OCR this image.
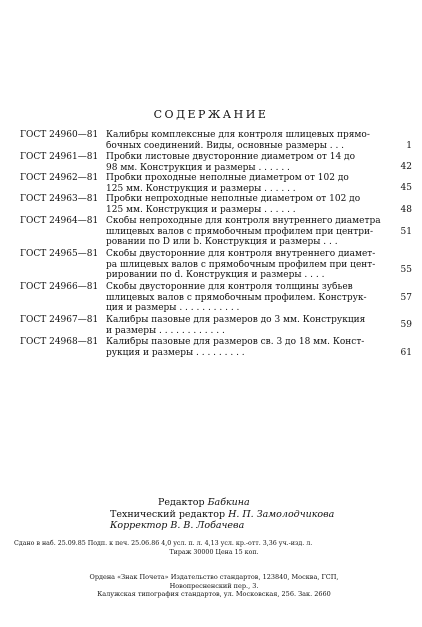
СОДЕРЖАНИЕ
ГОСТ 24960—81 Калибры комплексные для контроля шлицевых прямо-
бочных соединений. Виды, основные размеры . . .	1
ГОСТ 24961—81 Пробки листовые двусторонние диаметром от 14 до
98 мм. Конструкция и размеры . . . . . .	42
ГОСТ 24962—81 Пробки проходные неполные диаметром от 102 до
125 мм. Конструкция и размеры . . . . . .	45
ГОСТ 24963—81 Пробки непроходные неполные диаметром от 102 до
125 мм. Конструкция и размеры . . . . . .	48
ГОСТ 24964—81 Скобы непроходные для контроля внутреннего диаметра
шлицевых валов с прямобочным профилем при центри-
ровании по D или b. Конструкция и размеры . . .
51
ГОСТ 24965—81 Скобы двусторонние для контроля внутреннего диамет-
ра шлицевых валов с прямобочным профилем при цент-
рировании по d. Конструкция и размеры . . . .
55
ГОСТ 24966—81 Скобы двусторонние для контроля толщины зубьев
шлицевых валов с прямобочным профилем. Конструк-
ция и размеры . . . . . . . . . . .
57
ГОСТ 24967—81 Калибры пазовые для размеров до 3 мм. Конструкция
и размеры . . . . . . . . . . . .
59
ГОСТ 24968—81 Калибры пазовые для размеров св. 3 до 18 мм. Конст-
рукция и размеры . . . . . . . . .	61
Редактор Бабкина
Технический редактор Н. П. Замолодчикова
Корректор В. В. Лобачева
Сдано в наб. 25.09.85 Подп. к печ. 25.06.86 4,0 усл. п. л. 4,13 усл. кр.-отт. 3,36 уч.-изд. л.
Тираж 30000 Цена 15 коп.
Ордена «Знак Почета» Издательство стандартов, 123840, Москва, ГСП,
Новопресненский пер., 3.
Калужская типография стандартов, ул. Московская, 256. Зак. 2660
